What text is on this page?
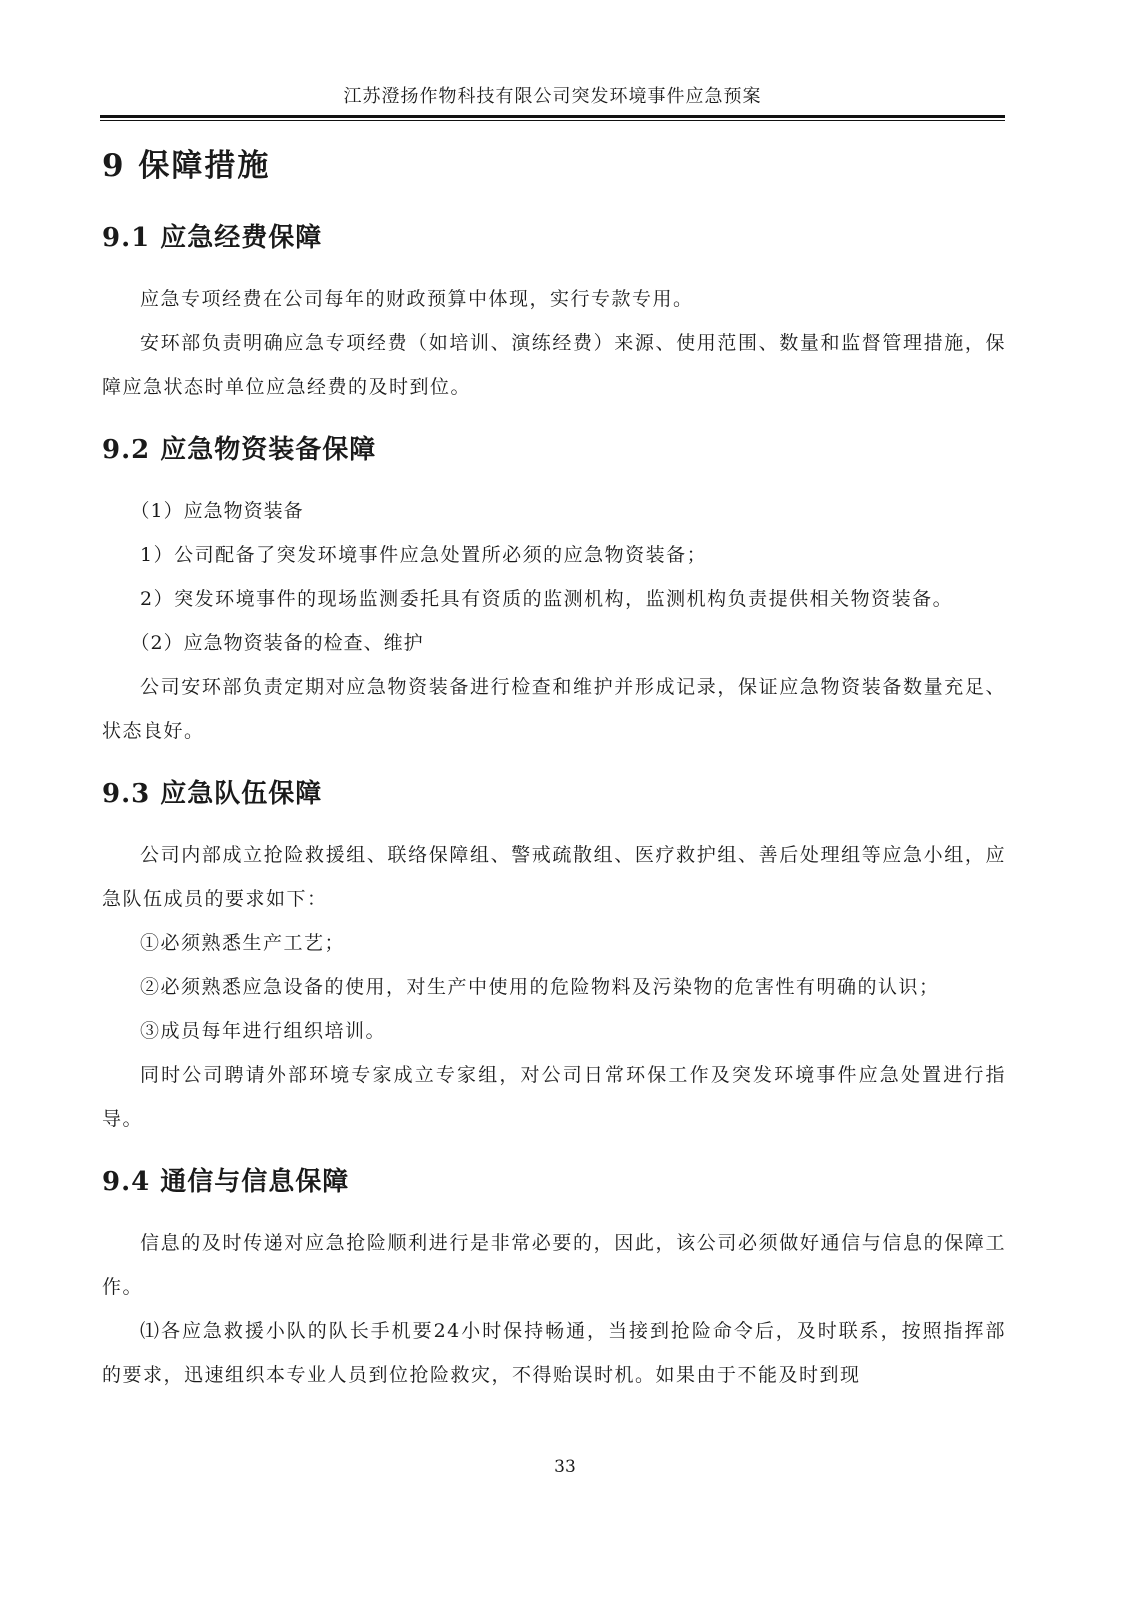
江苏澄扬作物科技有限公司突发环境事件应急预案
9 保障措施
9.1 应急经费保障

应急专项经费在公司每年的财政预算中体现，实行专款专用。

安环部负责明确应急专项经费（如培训、演练经费）来源、使用范围、数量和监督管理措施，保障应急状态时单位应急经费的及时到位。

9.2 应急物资装备保障

（1）应急物资装备

1）公司配备了突发环境事件应急处置所必须的应急物资装备；

2）突发环境事件的现场监测委托具有资质的监测机构，监测机构负责提供相关物资装备。

（2）应急物资装备的检查、维护

公司安环部负责定期对应急物资装备进行检查和维护并形成记录，保证应急物资装备数量充足、状态良好。

9.3 应急队伍保障

公司内部成立抢险救援组、联络保障组、警戒疏散组、医疗救护组、善后处理组等应急小组，应急队伍成员的要求如下：

①必须熟悉生产工艺；

②必须熟悉应急设备的使用，对生产中使用的危险物料及污染物的危害性有明确的认识；

③成员每年进行组织培训。

同时公司聘请外部环境专家成立专家组，对公司日常环保工作及突发环境事件应急处置进行指导。

9.4 通信与信息保障

信息的及时传递对应急抢险顺利进行是非常必要的，因此，该公司必须做好通信与信息的保障工作。

⑴各应急救援小队的队长手机要24小时保持畅通，当接到抢险命令后，及时联系，按照指挥部的要求，迅速组织本专业人员到位抢险救灾，不得贻误时机。如果由于不能及时到现

33
